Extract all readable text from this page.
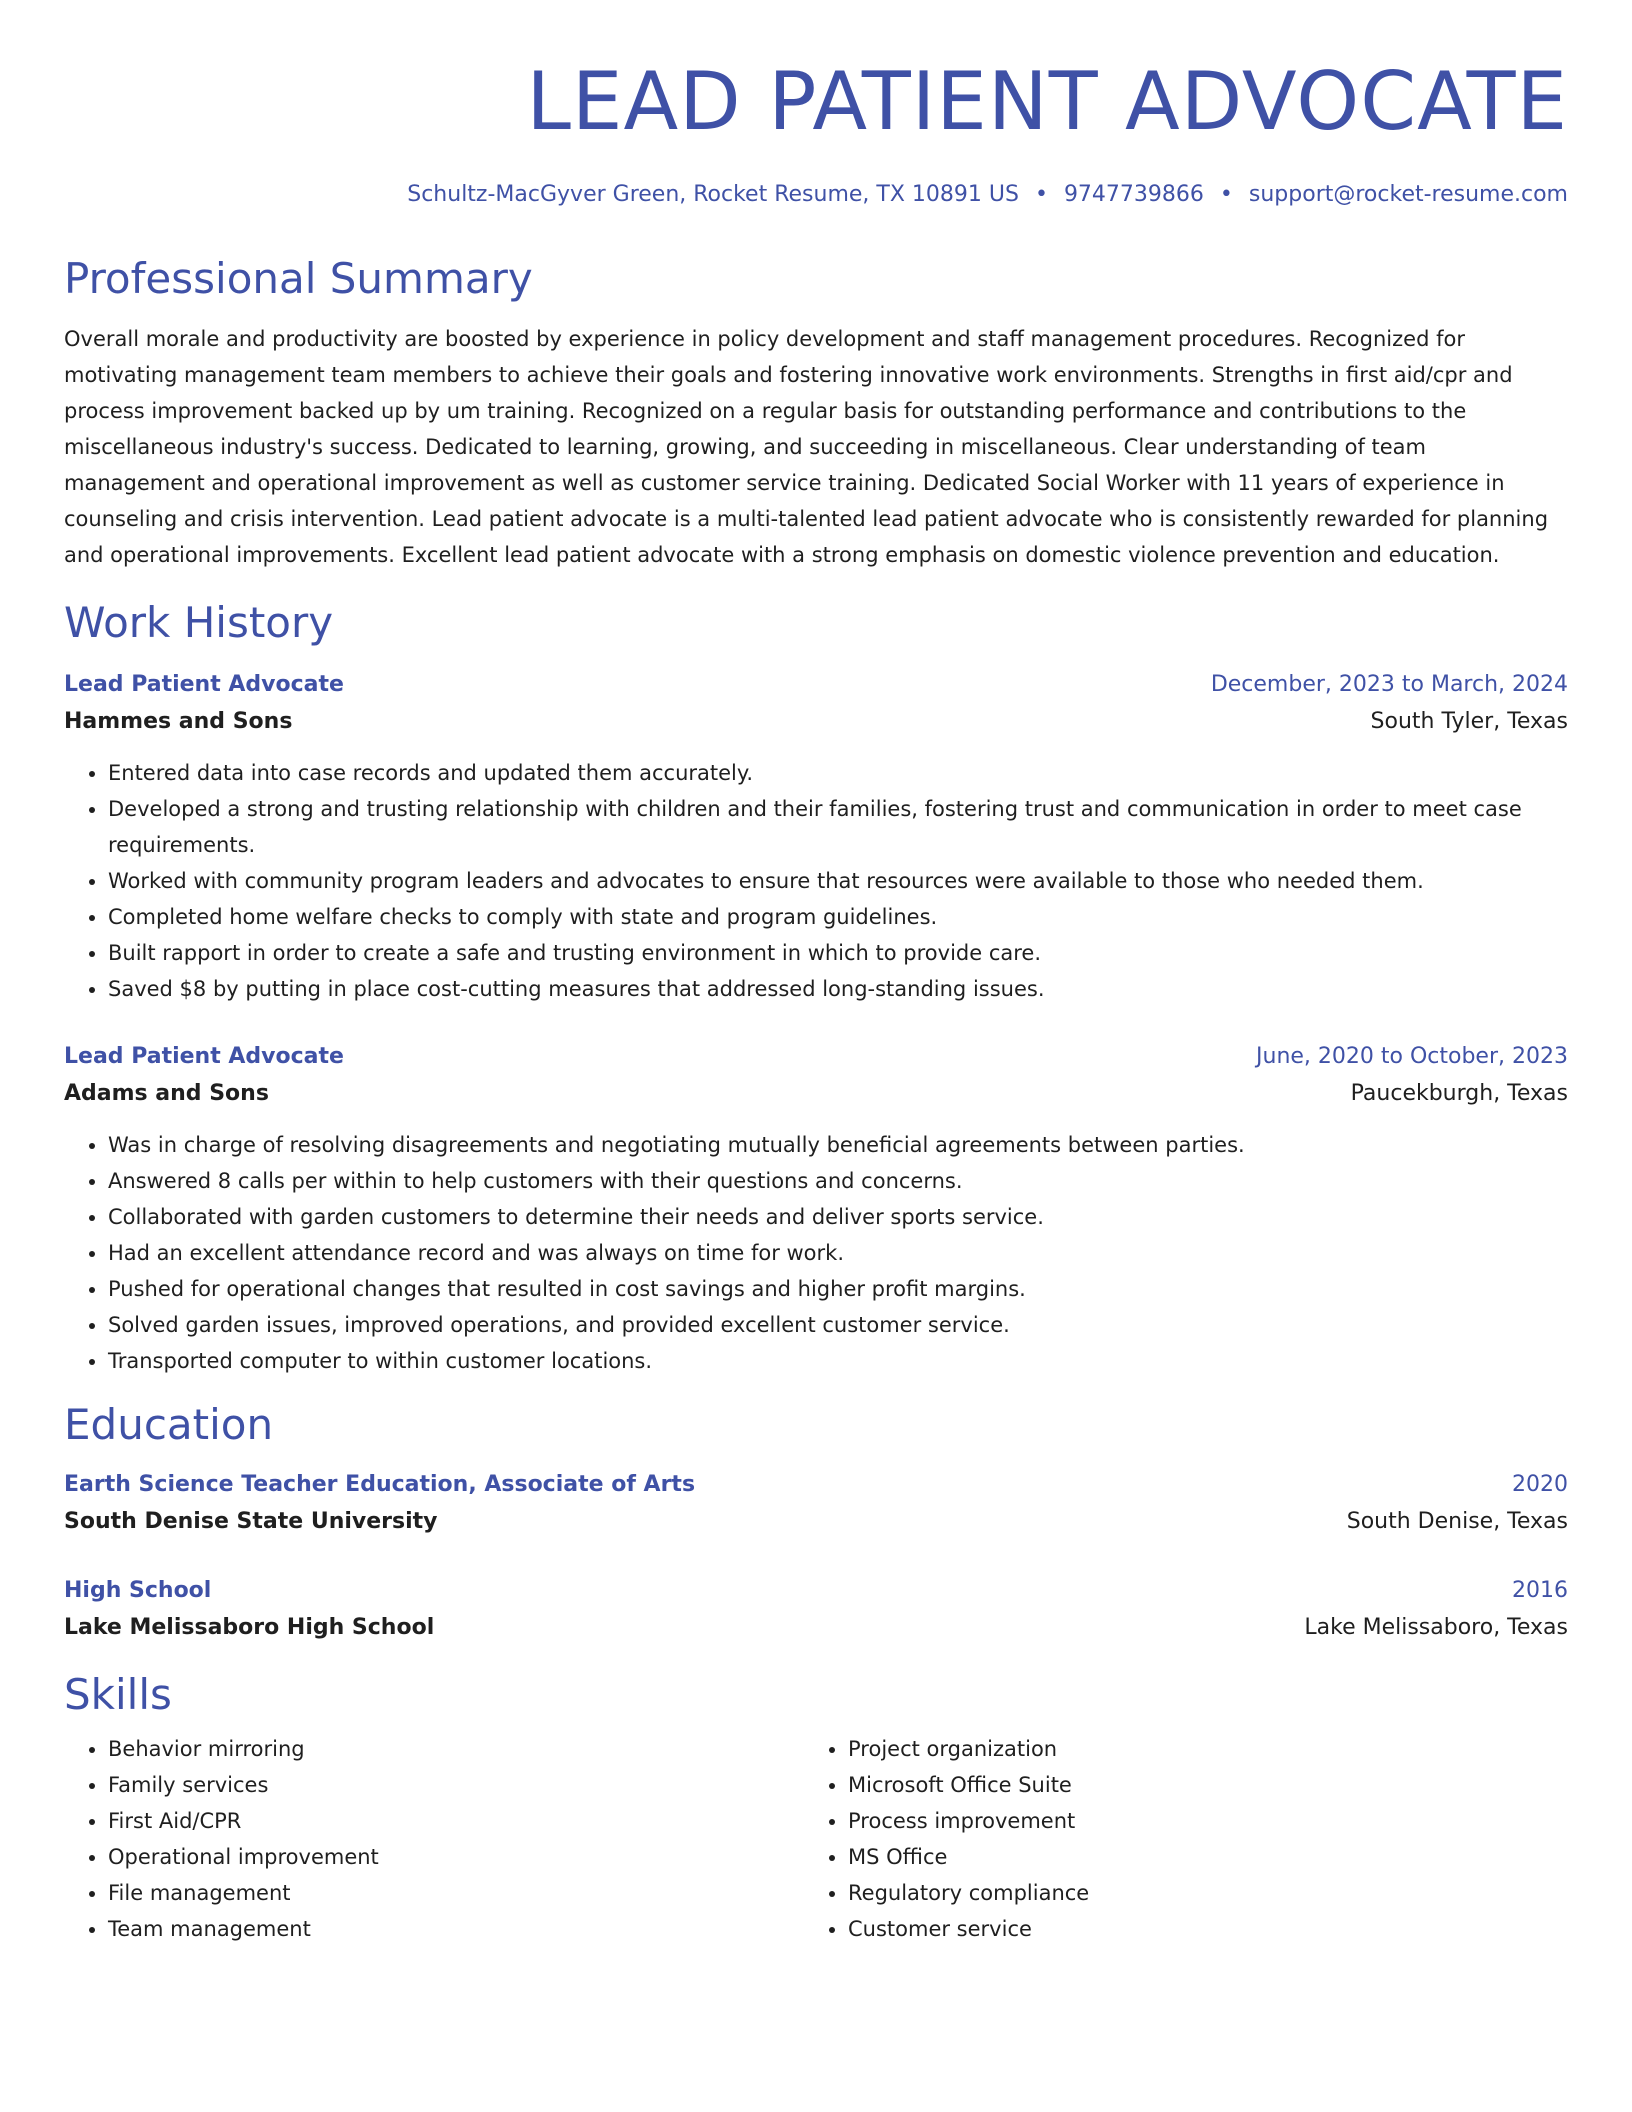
LEAD PATIENT ADVOCATE
Schultz-MacGyver Green, Rocket Resume, TX 10891 US • 9747739866 • support@rocket-resume.com
Professional Summary
Overall morale and productivity are boosted by experience in policy development and staff management procedures. Recognized for motivating management team members to achieve their goals and fostering innovative work environments. Strengths in first aid/cpr and process improvement backed up by um training. Recognized on a regular basis for outstanding performance and contributions to the miscellaneous industry's success. Dedicated to learning, growing, and succeeding in miscellaneous. Clear understanding of team management and operational improvement as well as customer service training. Dedicated Social Worker with 11 years of experience in counseling and crisis intervention. Lead patient advocate is a multi-talented lead patient advocate who is consistently rewarded for planning and operational improvements. Excellent lead patient advocate with a strong emphasis on domestic violence prevention and education.
Work History
Lead Patient Advocate	December, 2023 to March, 2024
Hammes and Sons	South Tyler, Texas
• Entered data into case records and updated them accurately.
• Developed a strong and trusting relationship with children and their families, fostering trust and communication in order to meet case requirements.
• Worked with community program leaders and advocates to ensure that resources were available to those who needed them.
• Completed home welfare checks to comply with state and program guidelines.
• Built rapport in order to create a safe and trusting environment in which to provide care.
• Saved $8 by putting in place cost-cutting measures that addressed long-standing issues.
Lead Patient Advocate	June, 2020 to October, 2023
Adams and Sons	Paucekburgh, Texas
• Was in charge of resolving disagreements and negotiating mutually beneficial agreements between parties.
• Answered 8 calls per within to help customers with their questions and concerns.
• Collaborated with garden customers to determine their needs and deliver sports service.
• Had an excellent attendance record and was always on time for work.
• Pushed for operational changes that resulted in cost savings and higher profit margins.
• Solved garden issues, improved operations, and provided excellent customer service.
• Transported computer to within customer locations.
Education
Earth Science Teacher Education, Associate of Arts	2020
South Denise State University	South Denise, Texas
High School	2016
Lake Melissaboro High School	Lake Melissaboro, Texas
Skills
• Behavior mirroring
• Family services
• First Aid/CPR
• Operational improvement
• File management
• Team management
• Project organization
• Microsoft Office Suite
• Process improvement
• MS Office
• Regulatory compliance
• Customer service
